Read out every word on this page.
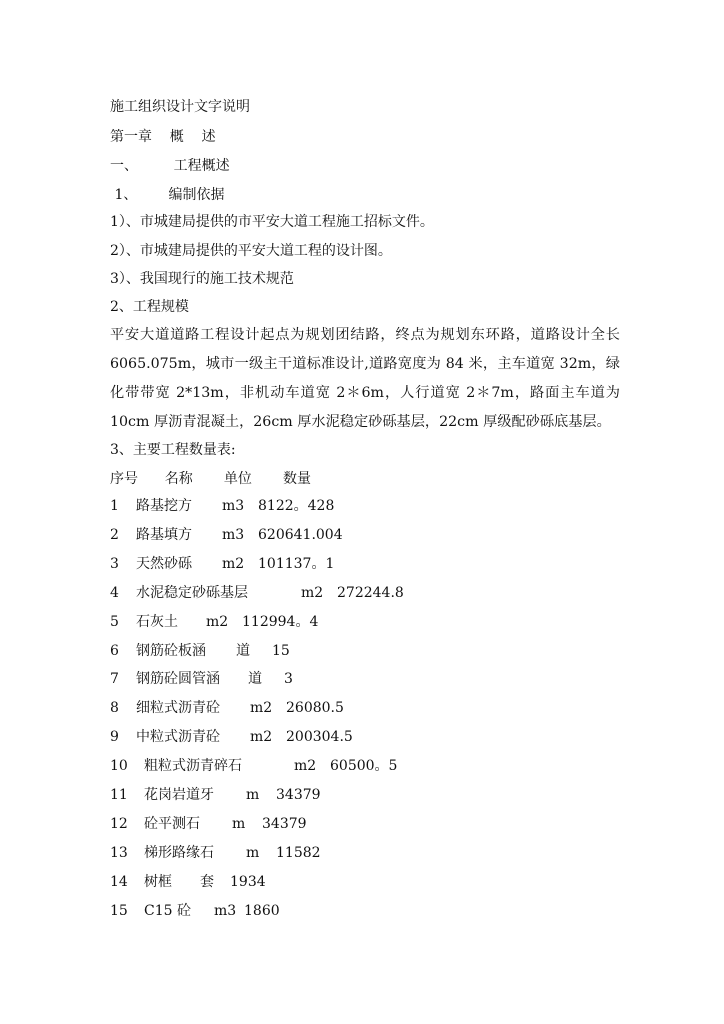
施工组织设计文字说明
第一章    概    述
一、        工程概述
1、       编制依据
1）、市城建局提供的市平安大道工程施工招标文件。
2）、市城建局提供的平安大道工程的设计图。
3）、我国现行的施工技术规范
2、工程规模
平安大道道路工程设计起点为规划团结路，终点为规划东环路，道路设计全长6065.075m，城市一级主干道标准设计,道路宽度为 84 米，主车道宽 32m，绿化带带宽 2*13m，非机动车道宽 2＊6m，人行道宽 2＊7m，路面主车道为10cm 厚沥青混凝土，26cm 厚水泥稳定砂砾基层，22cm 厚级配砂砾底基层。
3、主要工程数量表:
序号      名称       单位       数量
1 路基挖方 m3 8122。428
2 路基填方 m3 620641.004
3 天然砂砾 m2 101137。1
4 水泥稳定砂砾基层	m2 272244.8
5 石灰土 m2 112994。4
6 钢筋砼板涵 道 15
7 钢筋砼圆管涵 道 3
8 细粒式沥青砼 m2 26080.5
9 中粒式沥青砼 m2 200304.5
10 粗粒式沥青碎石	m2 60500。5
11 花岗岩道牙 m 34379
12 砼平测石 m 34379
13 梯形路缘石 m 11582
14 树框 套 1934
15 C15 砼 m3 1860
